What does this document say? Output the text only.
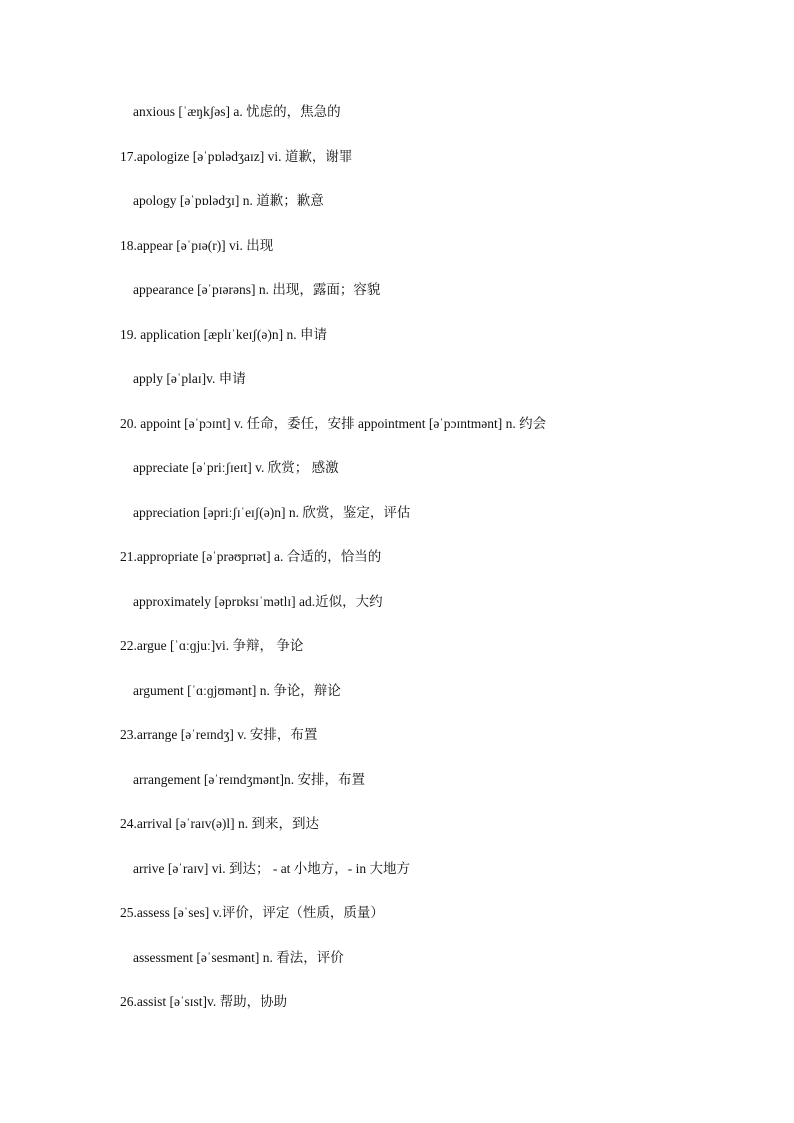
anxious [ˈæŋkʃəs] a. 忧虑的，焦急的
17.apologize [əˈpɒlədʒaɪz] vi. 道歉，谢罪
apology [əˈpɒlədʒɪ] n. 道歉；歉意
18.appear [əˈpɪə(r)] vi. 出现
appearance [əˈpɪərəns] n. 出现，露面；容貌
19. application [æplɪˈkeɪʃ(ə)n] n. 申请
apply [əˈplaɪ]v. 申请
20. appoint [əˈpɔɪnt] v. 任命，委任，安排 appointment [əˈpɔɪntmənt] n. 约会
appreciate [əˈpriːʃɪeɪt] v. 欣赏； 感激
appreciation [əpriːʃɪˈeɪʃ(ə)n] n. 欣赏，鉴定，评估
21.appropriate [əˈprəʊprɪət] a. 合适的，恰当的
approximately [əprɒksɪˈmətlɪ] ad.近似，大约
22.argue [ˈɑːɡjuː]vi. 争辩， 争论
argument [ˈɑːɡjʊmənt] n. 争论，辩论
23.arrange [əˈreɪndʒ] v. 安排，布置
arrangement [əˈreɪndʒmənt]n. 安排，布置
24.arrival [əˈraɪv(ə)l] n. 到来，到达
arrive [əˈraɪv] vi. 到达； - at 小地方，- in 大地方
25.assess [əˈses] v.评价，评定（性质，质量）
assessment [əˈsesmənt] n. 看法，评价
26.assist [əˈsɪst]v. 帮助，协助
